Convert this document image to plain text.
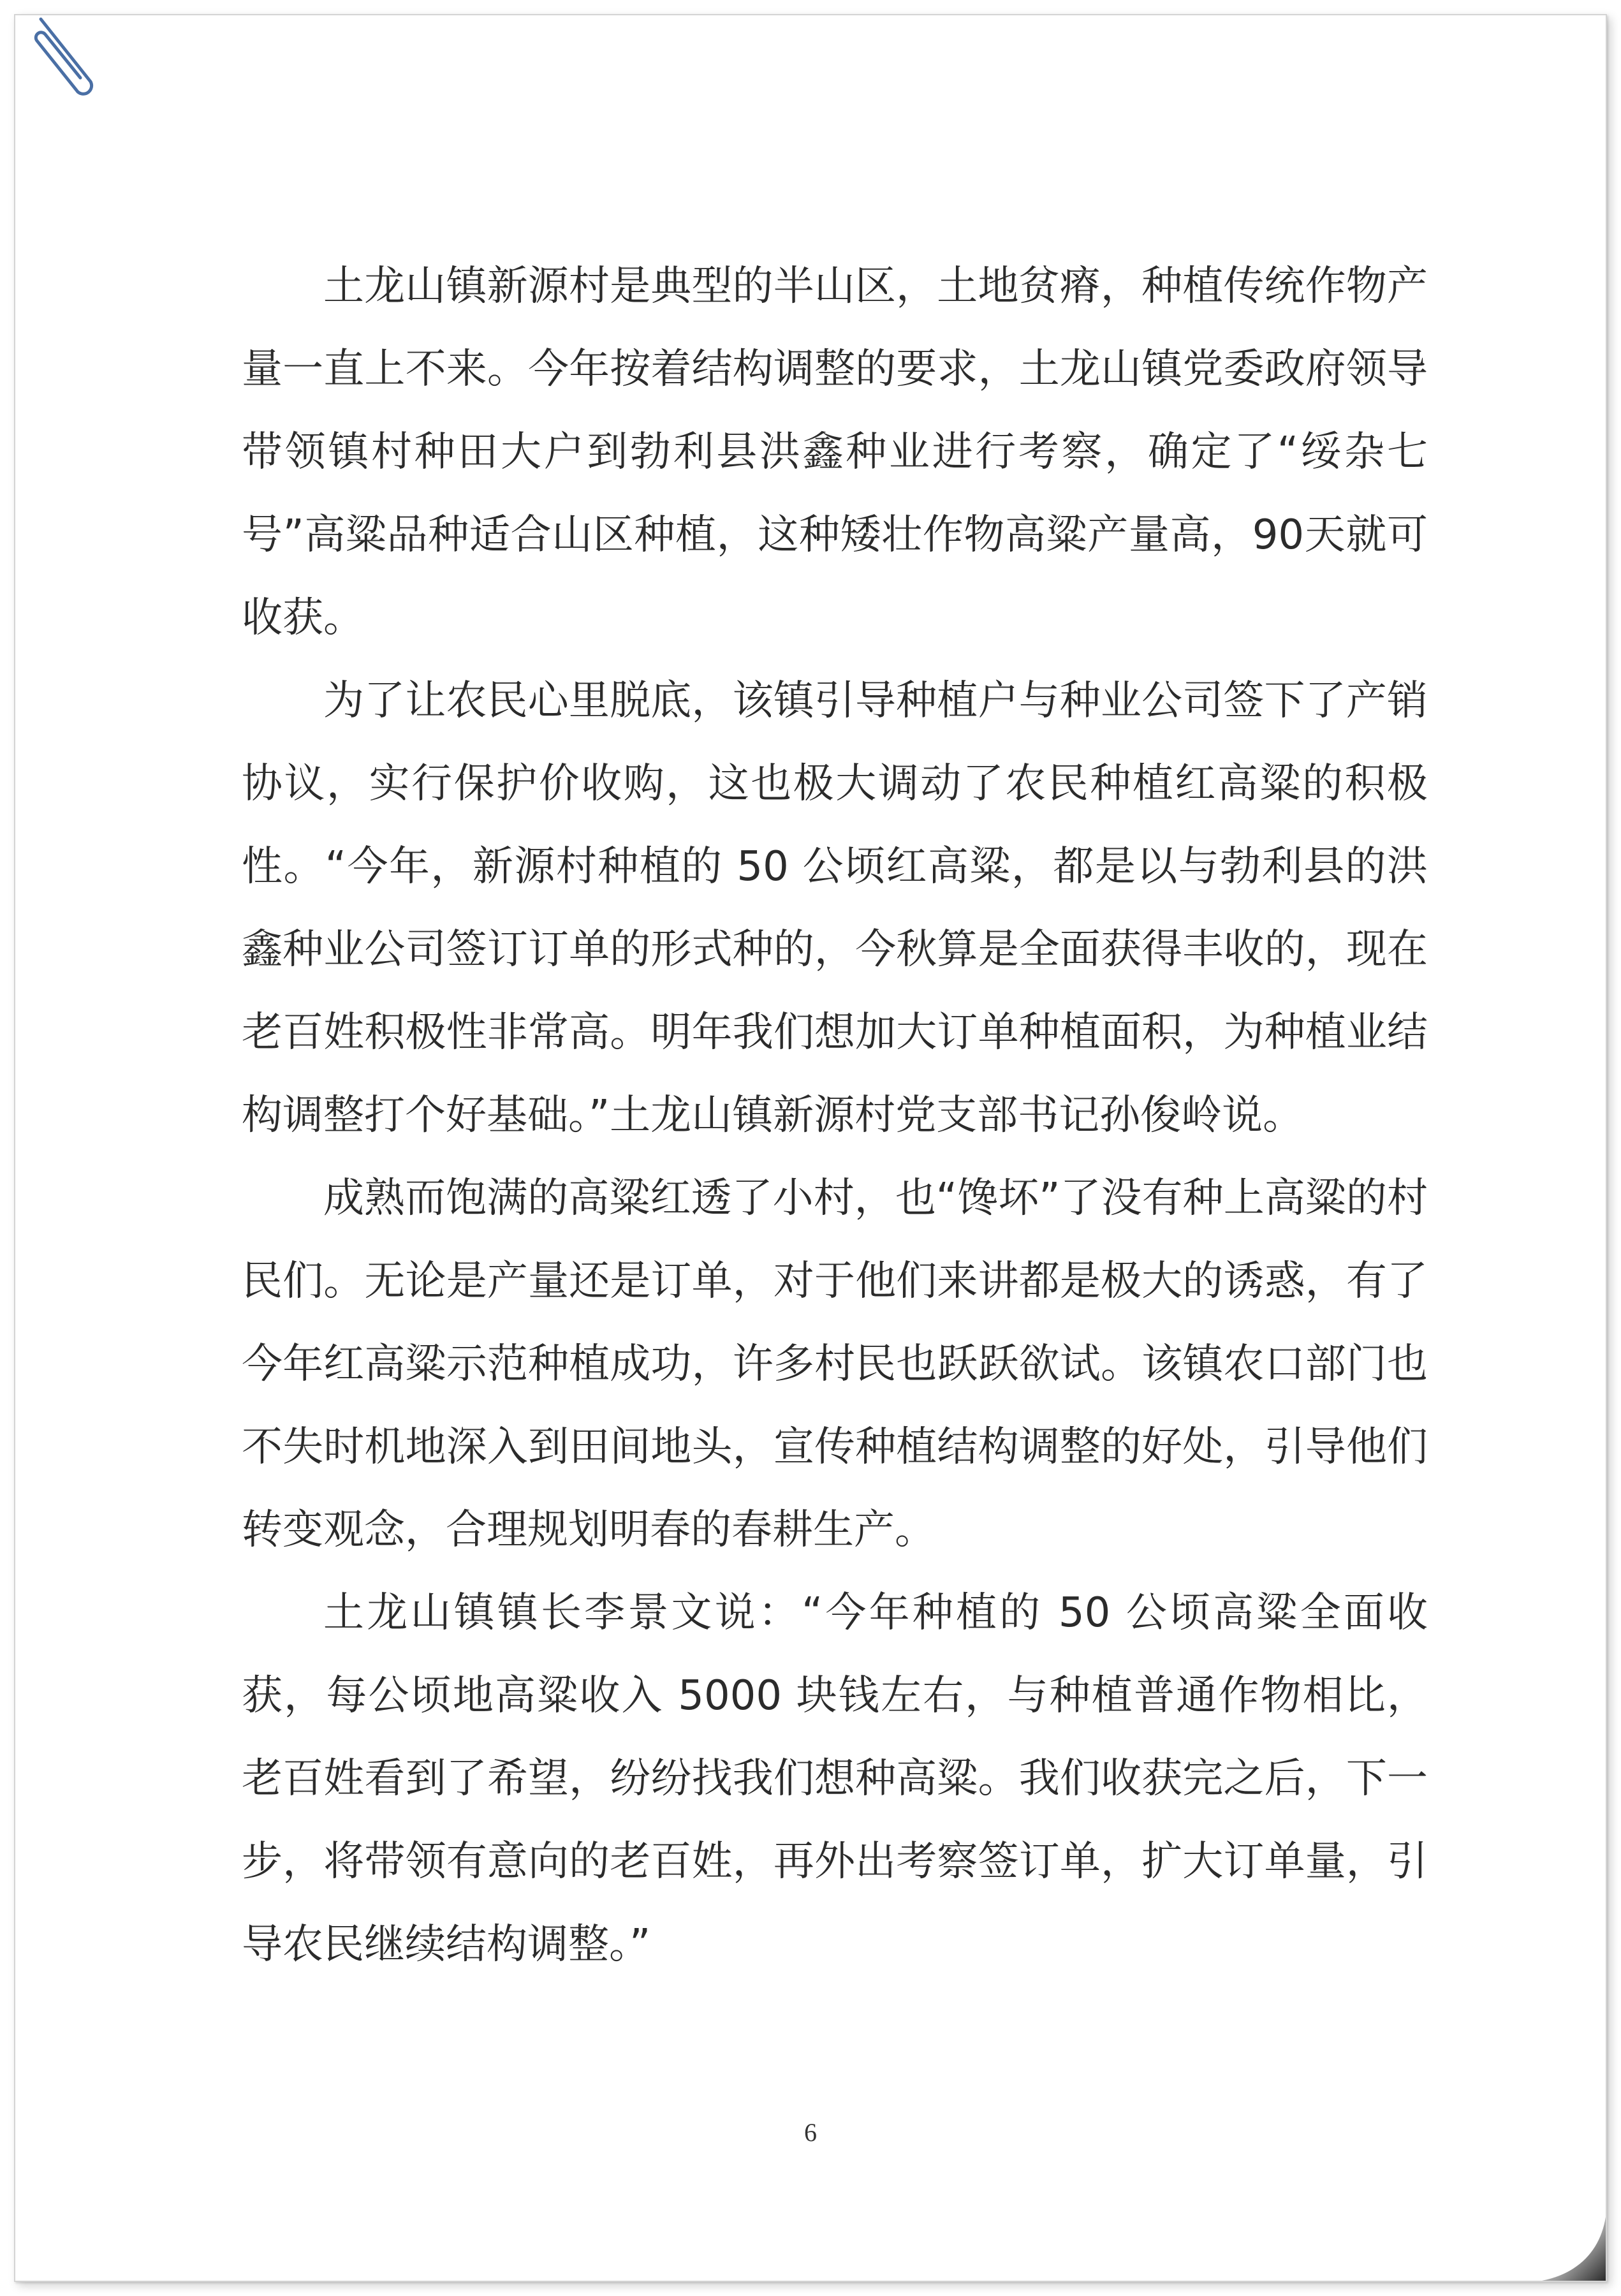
土龙山镇新源村是典型的半山区，土地贫瘠，种植传统作物产量一直上不来。今年按着结构调整的要求，土龙山镇党委政府领导带领镇村种田大户到勃利县洪鑫种业进行考察，确定了“绥杂七号”高粱品种适合山区种植，这种矮壮作物高粱产量高，90天就可收获。

为了让农民心里脱底，该镇引导种植户与种业公司签下了产销协议，实行保护价收购，这也极大调动了农民种植红高粱的积极性。“今年，新源村种植的 50 公顷红高粱，都是以与勃利县的洪鑫种业公司签订订单的形式种的，今秋算是全面获得丰收的，现在老百姓积极性非常高。明年我们想加大订单种植面积，为种植业结构调整打个好基础。”土龙山镇新源村党支部书记孙俊岭说。

成熟而饱满的高粱红透了小村，也“馋坏”了没有种上高粱的村民们。无论是产量还是订单，对于他们来讲都是极大的诱惑，有了今年红高粱示范种植成功，许多村民也跃跃欲试。该镇农口部门也不失时机地深入到田间地头，宣传种植结构调整的好处，引导他们转变观念，合理规划明春的春耕生产。

土龙山镇镇长李景文说：“今年种植的 50 公顷高粱全面收获，每公顷地高粱收入 5000 块钱左右，与种植普通作物相比，老百姓看到了希望，纷纷找我们想种高粱。我们收获完之后，下一步，将带领有意向的老百姓，再外出考察签订单，扩大订单量，引导农民继续结构调整。”

6
